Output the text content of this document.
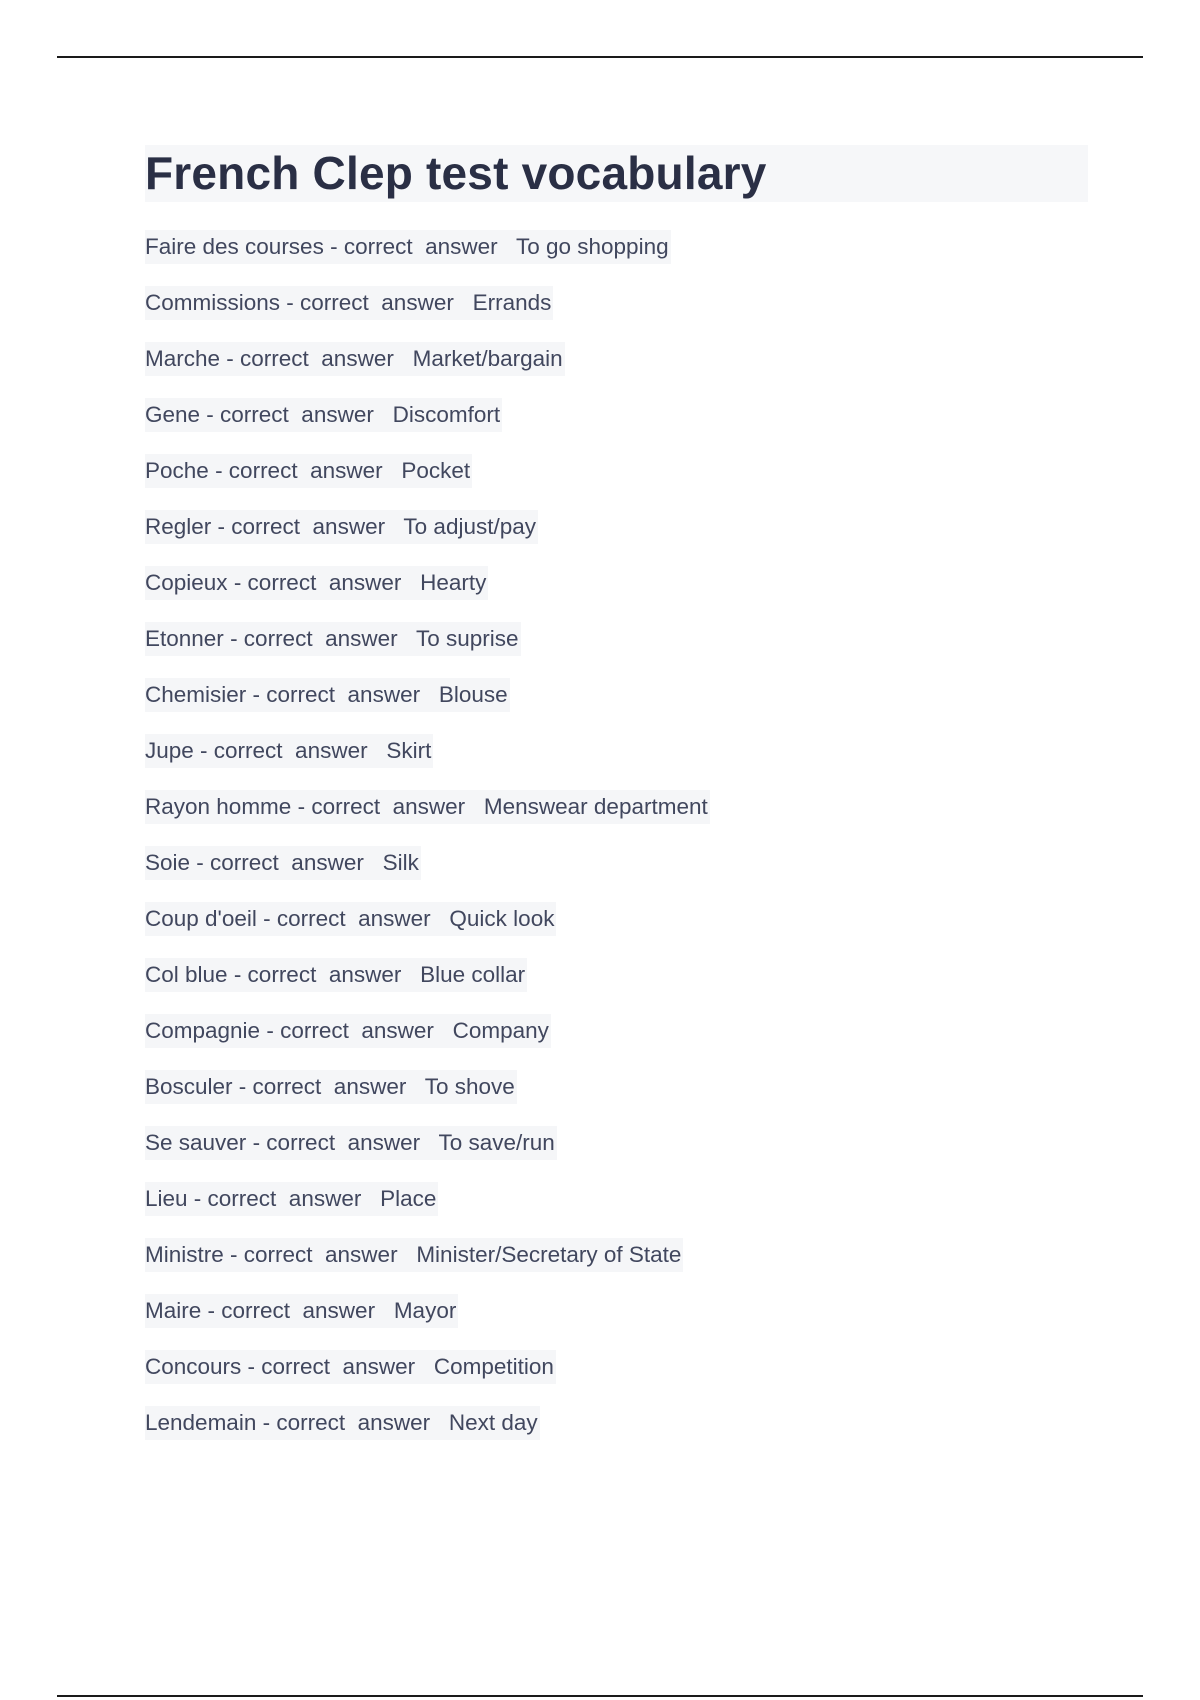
French Clep test vocabulary
Faire des courses - correct  answer   To go shopping
Commissions - correct  answer   Errands
Marche - correct  answer   Market/bargain
Gene - correct  answer   Discomfort
Poche - correct  answer   Pocket
Regler - correct  answer   To adjust/pay
Copieux - correct  answer   Hearty
Etonner - correct  answer   To suprise
Chemisier - correct  answer   Blouse
Jupe - correct  answer   Skirt
Rayon homme - correct  answer   Menswear department
Soie - correct  answer   Silk
Coup d'oeil - correct  answer   Quick look
Col blue - correct  answer   Blue collar
Compagnie - correct  answer   Company
Bosculer - correct  answer   To shove
Se sauver - correct  answer   To save/run
Lieu - correct  answer   Place
Ministre - correct  answer   Minister/Secretary of State
Maire - correct  answer   Mayor
Concours - correct  answer   Competition
Lendemain - correct  answer   Next day
